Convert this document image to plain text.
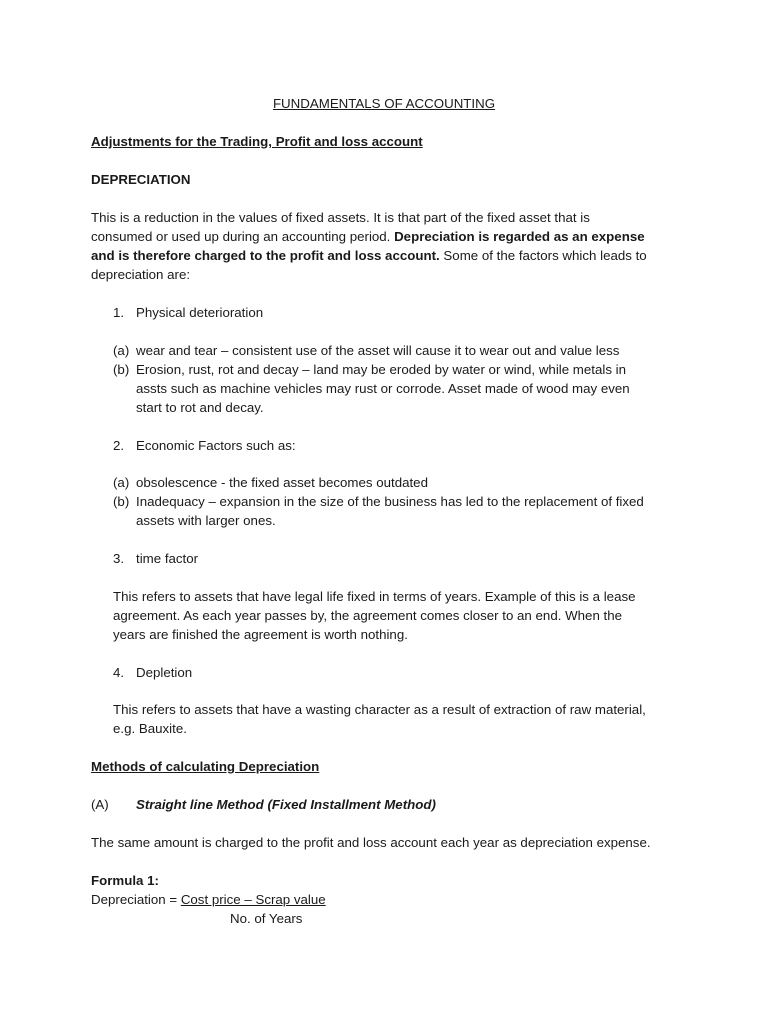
FUNDAMENTALS OF ACCOUNTING

Adjustments for the Trading, Profit and loss account

DEPRECIATION

This is a reduction in the values of fixed assets. It is that part of the fixed asset that is

consumed or used up during an accounting period. Depreciation is regarded as an expense

and is therefore charged to the profit and loss account. Some of the factors which leads to

depreciation are:

1. Physical deterioration

(a) wear and tear – consistent use of the asset will cause it to wear out and value less

(b) Erosion, rust, rot and decay – land may be eroded by water or wind, while metals in
assts such as machine vehicles may rust or corrode. Asset made of wood may even
start to rot and decay.

2. Economic Factors such as:

(a) obsolescence - the fixed asset becomes outdated

(b) Inadequacy – expansion in the size of the business has led to the replacement of fixed
assets with larger ones.

3. time factor

This refers to assets that have legal life fixed in terms of years. Example of this is a lease

agreement. As each year passes by, the agreement comes closer to an end. When the

years are finished the agreement is worth nothing.

4. Depletion

This refers to assets that have a wasting character as a result of extraction of raw material,

e.g. Bauxite.

Methods of calculating Depreciation

(A) Straight line Method (Fixed Installment Method)

The same amount is charged to the profit and loss account each year as depreciation expense.

Formula 1:

Depreciation = Cost price – Scrap value

No. of Years
